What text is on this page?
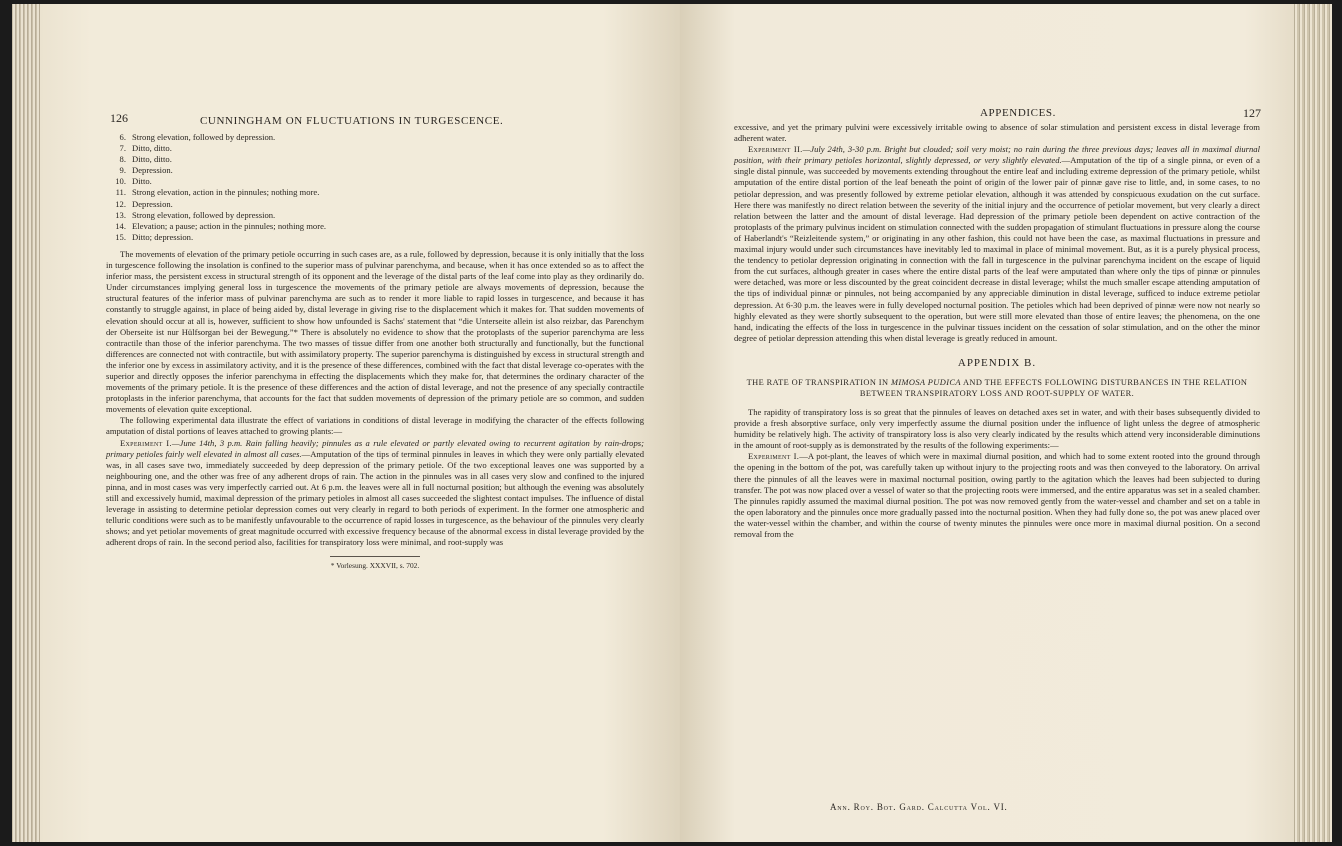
126	CUNNINGHAM ON FLUCTUATIONS IN TURGESCENCE.
6. Strong elevation, followed by depression.
7. Ditto, ditto.
8. Ditto, ditto.
9. Depression.
10. Ditto.
11. Strong elevation, action in the pinnules; nothing more.
12. Depression.
13. Strong elevation, followed by depression.
14. Elevation; a pause; action in the pinnules; nothing more.
15. Ditto; depression.

The movements of elevation of the primary petiole occurring in such cases are, as a rule, followed by depression, because it is only initially that the loss in turgescence following the insolation is confined to the superior mass of pulvinar parenchyma, and because, when it has once extended so as to affect the inferior mass, the persistent excess in structural strength of its opponent and the leverage of the distal parts of the leaf come into play as they ordinarily do. Under circumstances implying general loss in turgescence the movements of the primary petiole are always movements of depression, because the structural features of the inferior mass of pulvinar parenchyma are such as to render it more liable to rapid losses in turgescence, and because it has constantly to struggle against, in place of being aided by, distal leverage in giving rise to the displacement which it makes for. That sudden movements of elevation should occur at all is, however, sufficient to show how unfounded is Sachs' statement that “die Unterseite allein ist also reizbar, das Parenchym der Oberseite ist nur Hülfsorgan bei der Bewegung.”* There is absolutely no evidence to show that the protoplasts of the superior parenchyma are less contractile than those of the inferior parenchyma. The two masses of tissue differ from one another both structurally and functionally, but the functional differences are connected not with contractile, but with assimilatory property. The superior parenchyma is distinguished by excess in structural strength and the inferior one by excess in assimilatory activity, and it is the presence of these differences, combined with the fact that distal leverage co-operates with the superior and directly opposes the inferior parenchyma in effecting the displacements which they make for, that determines the ordinary character of the movements of the primary petiole. It is the presence of these differences and the action of distal leverage, and not the presence of any specially contractile protoplasts in the inferior parenchyma, that accounts for the fact that sudden movements of depression of the primary petiole are so common, and sudden movements of elevation quite exceptional.

The following experimental data illustrate the effect of variations in conditions of distal leverage in modifying the character of the effects following amputation of distal portions of leaves attached to growing plants:—

Experiment I.—June 14th, 3 p.m. Rain falling heavily; pinnules as a rule elevated or partly elevated owing to recurrent agitation by rain-drops; primary petioles fairly well elevated in almost all cases.—Amputation of the tips of terminal pinnules in leaves in which they were only partially elevated was, in all cases save two, immediately succeeded by deep depression of the primary petiole. Of the two exceptional leaves one was supported by a neighbouring one, and the other was free of any adherent drops of rain. The action in the pinnules was in all cases very slow and confined to the injured pinna, and in most cases was very imperfectly carried out. At 6 p.m. the leaves were all in full nocturnal position; but although the evening was absolutely still and excessively humid, maximal depression of the primary petioles in almost all cases succeeded the slightest contact impulses. The influence of distal leverage in assisting to determine petiolar depression comes out very clearly in regard to both periods of experiment. In the former one atmospheric and telluric conditions were such as to be manifestly unfavourable to the occurrence of rapid losses in turgescence, as the behaviour of the pinnules very clearly shows; and yet petiolar movements of great magnitude occurred with excessive frequency because of the abnormal excess in distal leverage provided by the adherent drops of rain. In the second period also, facilities for transpiratory loss were minimal, and root-supply was

* Vorlesung. XXXVII, s. 702.
APPENDICES.	127

excessive, and yet the primary pulvini were excessively irritable owing to absence of solar stimulation and persistent excess in distal leverage from adherent water.

Experiment II.—July 24th, 3-30 p.m. Bright but clouded; soil very moist; no rain during the three previous days; leaves all in maximal diurnal position, with their primary petioles horizontal, slightly depressed, or very slightly elevated.—Amputation of the tip of a single pinna, or even of a single distal pinnule, was succeeded by movements extending throughout the entire leaf and including extreme depression of the primary petiole, whilst amputation of the entire distal portion of the leaf beneath the point of origin of the lower pair of pinnæ gave rise to little, and, in some cases, to no petiolar depression, and was presently followed by extreme petiolar elevation, although it was attended by conspicuous exudation on the cut surface. Here there was manifestly no direct relation between the severity of the initial injury and the occurrence of petiolar movement, but very clearly a direct relation between the latter and the amount of distal leverage. Had depression of the primary petiole been dependent on active contraction of the protoplasts of the primary pulvinus incident on stimulation connected with the sudden propagation of stimulant fluctuations in pressure along the course of Haberlandt's “Reizleitende system,” or originating in any other fashion, this could not have been the case, as maximal fluctuations in pressure and maximal injury would under such circumstances have inevitably led to maximal in place of minimal movement. But, as it is a purely physical process, the tendency to petiolar depression originating in connection with the fall in turgescence in the pulvinar parenchyma incident on the escape of liquid from the cut surfaces, although greater in cases where the entire distal parts of the leaf were amputated than where only the tips of pinnæ or pinnules were detached, was more or less discounted by the great coincident decrease in distal leverage; whilst the much smaller escape attending amputation of the tips of individual pinnæ or pinnules, not being accompanied by any appreciable diminution in distal leverage, sufficed to induce extreme petiolar depression. At 6-30 p.m. the leaves were in fully developed nocturnal position. The petioles which had been deprived of pinnæ were now not nearly so highly elevated as they were shortly subsequent to the operation, but were still more elevated than those of entire leaves; the phenomena, on the one hand, indicating the effects of the loss in turgescence in the pulvinar tissues incident on the cessation of solar stimulation, and on the other the minor degree of petiolar depression attending this when distal leverage is greatly reduced in amount.

APPENDIX B.
THE RATE OF TRANSPIRATION IN MIMOSA PUDICA AND THE EFFECTS FOLLOWING DISTURBANCES IN THE RELATION BETWEEN TRANSPIRATORY LOSS AND ROOT-SUPPLY OF WATER.

The rapidity of transpiratory loss is so great that the pinnules of leaves on detached axes set in water, and with their bases subsequently divided to provide a fresh absorptive surface, only very imperfectly assume the diurnal position under the influence of light unless the degree of atmospheric humidity be relatively high. The activity of transpiratory loss is also very clearly indicated by the results which attend very inconsiderable diminutions in the amount of root-supply as is demonstrated by the results of the following experiments:—

Experiment I.—A pot-plant, the leaves of which were in maximal diurnal position, and which had to some extent rooted into the ground through the opening in the bottom of the pot, was carefully taken up without injury to the projecting roots and was then conveyed to the laboratory. On arrival there the pinnules of all the leaves were in maximal nocturnal position, owing partly to the agitation which the leaves had been subjected to during transfer. The pot was now placed over a vessel of water so that the projecting roots were immersed, and the entire apparatus was set in a sealed chamber. The pinnules rapidly assumed the maximal diurnal position. The pot was now removed gently from the water-vessel and chamber and set on a table in the open laboratory and the pinnules once more gradually passed into the nocturnal position. When they had fully done so, the pot was anew placed over the water-vessel within the chamber, and within the course of twenty minutes the pinnules were once more in maximal diurnal position. On a second removal from the

Ann. Roy. Bot. Gard. Calcutta Vol. VI.
